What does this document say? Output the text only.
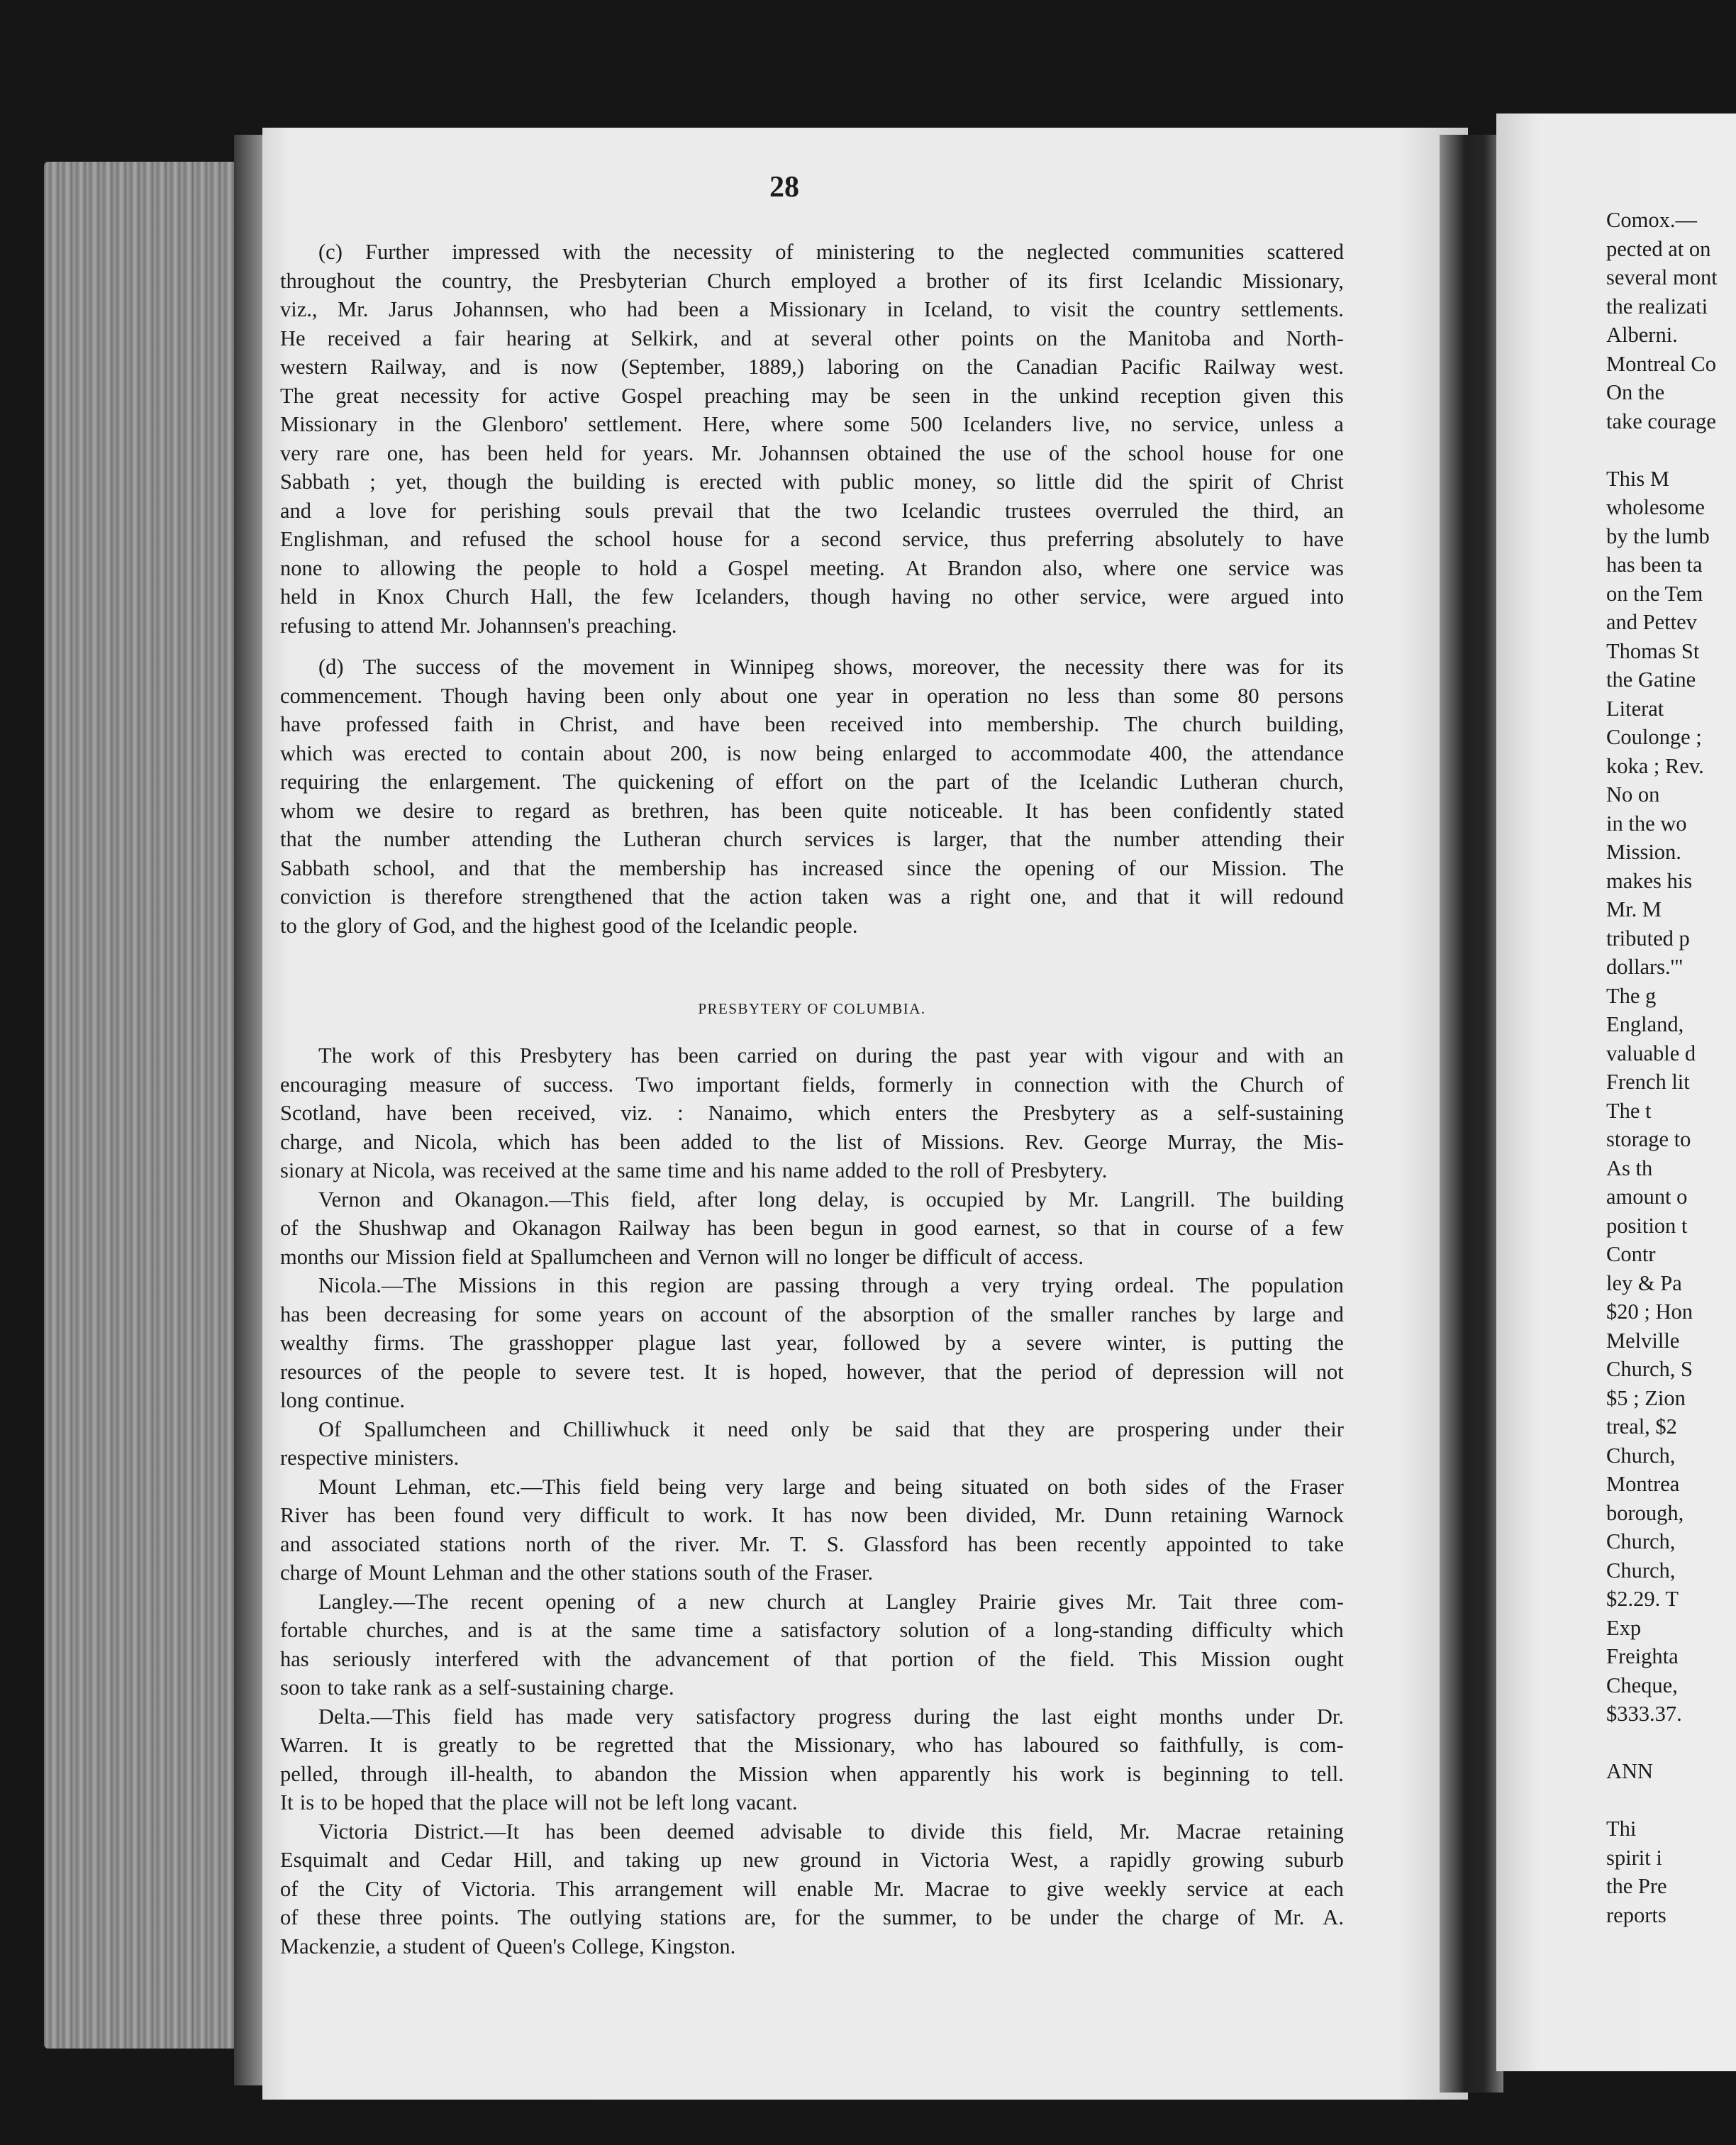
28
(c) Further impressed with the necessity of ministering to the neglected communities scattered
throughout the country, the Presbyterian Church employed a brother of its first Icelandic Missionary,
viz., Mr. Jarus Johannsen, who had been a Missionary in Iceland, to visit the country settlements.
He received a fair hearing at Selkirk, and at several other points on the Manitoba and North-
western Railway, and is now (September, 1889,) laboring on the Canadian Pacific Railway west.
The great necessity for active Gospel preaching may be seen in the unkind reception given this
Missionary in the Glenboro' settlement. Here, where some 500 Icelanders live, no service, unless a
very rare one, has been held for years. Mr. Johannsen obtained the use of the school house for one
Sabbath ; yet, though the building is erected with public money, so little did the spirit of Christ
and a love for perishing souls prevail that the two Icelandic trustees overruled the third, an
Englishman, and refused the school house for a second service, thus preferring absolutely to have
none to allowing the people to hold a Gospel meeting. At Brandon also, where one service was
held in Knox Church Hall, the few Icelanders, though having no other service, were argued into
refusing to attend Mr. Johannsen's preaching.
(d) The success of the movement in Winnipeg shows, moreover, the necessity there was for its
commencement. Though having been only about one year in operation no less than some 80 persons
have professed faith in Christ, and have been received into membership. The church building,
which was erected to contain about 200, is now being enlarged to accommodate 400, the attendance
requiring the enlargement. The quickening of effort on the part of the Icelandic Lutheran church,
whom we desire to regard as brethren, has been quite noticeable. It has been confidently stated
that the number attending the Lutheran church services is larger, that the number attending their
Sabbath school, and that the membership has increased since the opening of our Mission. The
conviction is therefore strengthened that the action taken was a right one, and that it will redound
to the glory of God, and the highest good of the Icelandic people.
PRESBYTERY OF COLUMBIA.
The work of this Presbytery has been carried on during the past year with vigour and with an
encouraging measure of success. Two important fields, formerly in connection with the Church of
Scotland, have been received, viz. : Nanaimo, which enters the Presbytery as a self-sustaining
charge, and Nicola, which has been added to the list of Missions. Rev. George Murray, the Mis-
sionary at Nicola, was received at the same time and his name added to the roll of Presbytery.
Vernon and Okanagon.—This field, after long delay, is occupied by Mr. Langrill. The building
of the Shushwap and Okanagon Railway has been begun in good earnest, so that in course of a few
months our Mission field at Spallumcheen and Vernon will no longer be difficult of access.
Nicola.—The Missions in this region are passing through a very trying ordeal. The population
has been decreasing for some years on account of the absorption of the smaller ranches by large and
wealthy firms. The grasshopper plague last year, followed by a severe winter, is putting the
resources of the people to severe test. It is hoped, however, that the period of depression will not
long continue.
Of Spallumcheen and Chilliwhuck it need only be said that they are prospering under their
respective ministers.
Mount Lehman, etc.—This field being very large and being situated on both sides of the Fraser
River has been found very difficult to work. It has now been divided, Mr. Dunn retaining Warnock
and associated stations north of the river. Mr. T. S. Glassford has been recently appointed to take
charge of Mount Lehman and the other stations south of the Fraser.
Langley.—The recent opening of a new church at Langley Prairie gives Mr. Tait three com-
fortable churches, and is at the same time a satisfactory solution of a long-standing difficulty which
has seriously interfered with the advancement of that portion of the field. This Mission ought
soon to take rank as a self-sustaining charge.
Delta.—This field has made very satisfactory progress during the last eight months under Dr.
Warren. It is greatly to be regretted that the Missionary, who has laboured so faithfully, is com-
pelled, through ill-health, to abandon the Mission when apparently his work is beginning to tell.
It is to be hoped that the place will not be left long vacant.
Victoria District.—It has been deemed advisable to divide this field, Mr. Macrae retaining
Esquimalt and Cedar Hill, and taking up new ground in Victoria West, a rapidly growing suburb
of the City of Victoria. This arrangement will enable Mr. Macrae to give weekly service at each
of these three points. The outlying stations are, for the summer, to be under the charge of Mr. A.
Mackenzie, a student of Queen's College, Kingston.
Comox.—
pected at on
several mont
the realizati
Alberni.
Montreal Co
On the
take courage
This M
wholesome
by the lumb
has been ta
on the Tem
and Pettev
Thomas St
the Gatine
Literat
Coulonge ;
koka ; Rev.
No on
in the wo
Mission.
makes his
Mr. M
tributed p
dollars.'"
The g
England,
valuable d
French lit
The t
storage to
As th
amount o
position t
Contr
ley & Pa
$20 ; Hon
Melville
Church, S
$5 ; Zion
treal, $2
Church,
Montrea
borough,
Church,
Church,
$2.29. T
Exp
Freighta
Cheque,
$333.37.
ANN
Thi
spirit i
the Pre
reports
